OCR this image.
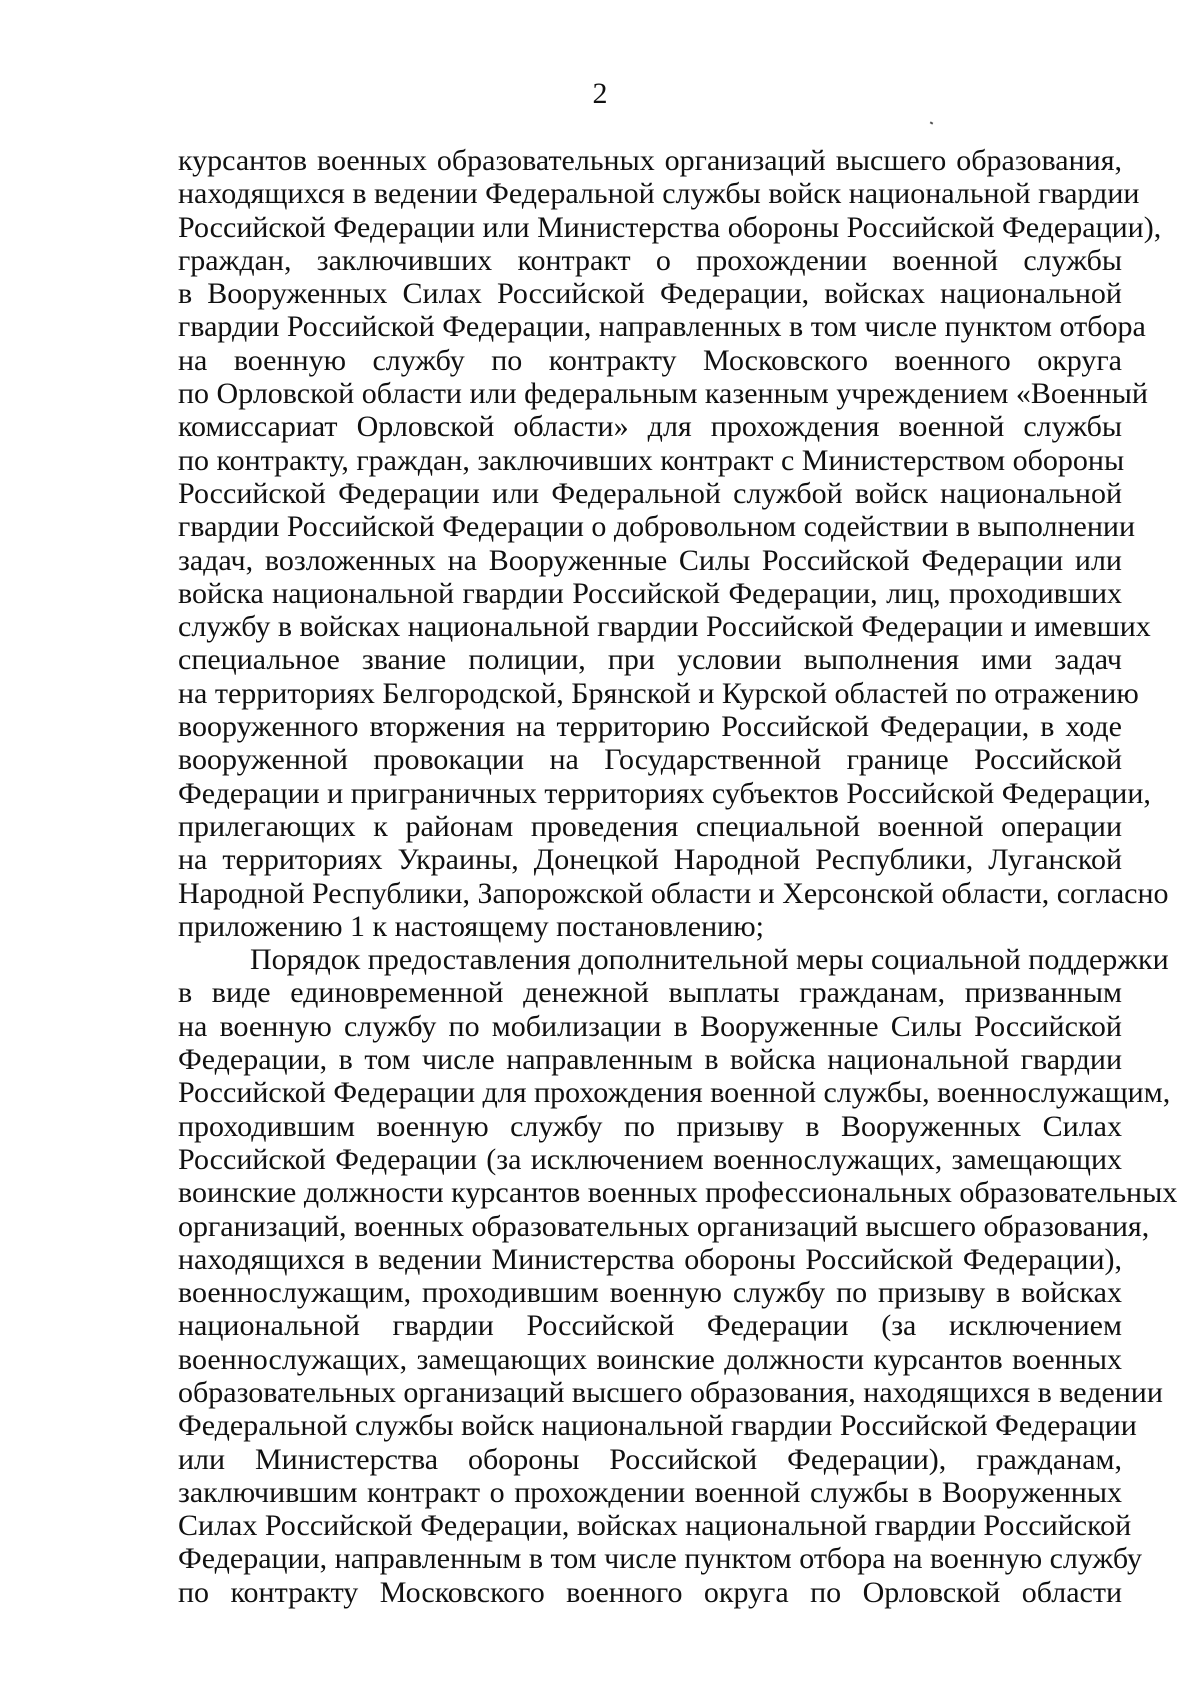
2
курсантов военных образовательных организаций высшего образования,
находящихся в ведении Федеральной службы войск национальной гвардии
Российской Федерации или Министерства обороны Российской Федерации),
граждан, заключивших контракт о прохождении военной службы
в Вооруженных Силах Российской Федерации, войсках национальной
гвардии Российской Федерации, направленных в том числе пунктом отбора
на военную службу по контракту Московского военного округа
по Орловской области или федеральным казенным учреждением «Военный
комиссариат Орловской области» для прохождения военной службы
по контракту, граждан, заключивших контракт с Министерством обороны
Российской Федерации или Федеральной службой войск национальной
гвардии Российской Федерации о добровольном содействии в выполнении
задач, возложенных на Вооруженные Силы Российской Федерации или
войска национальной гвардии Российской Федерации, лиц, проходивших
службу в войсках национальной гвардии Российской Федерации и имевших
специальное звание полиции, при условии выполнения ими задач
на территориях Белгородской, Брянской и Курской областей по отражению
вооруженного вторжения на территорию Российской Федерации, в ходе
вооруженной провокации на Государственной границе Российской
Федерации и приграничных территориях субъектов Российской Федерации,
прилегающих к районам проведения специальной военной операции
на территориях Украины, Донецкой Народной Республики, Луганской
Народной Республики, Запорожской области и Херсонской области, согласно
приложению 1 к настоящему постановлению;
Порядок предоставления дополнительной меры социальной поддержки
в виде единовременной денежной выплаты гражданам, призванным
на военную службу по мобилизации в Вооруженные Силы Российской
Федерации, в том числе направленным в войска национальной гвардии
Российской Федерации для прохождения военной службы, военнослужащим,
проходившим военную службу по призыву в Вооруженных Силах
Российской Федерации (за исключением военнослужащих, замещающих
воинские должности курсантов военных профессиональных образовательных
организаций, военных образовательных организаций высшего образования,
находящихся в ведении Министерства обороны Российской Федерации),
военнослужащим, проходившим военную службу по призыву в войсках
национальной гвардии Российской Федерации (за исключением
военнослужащих, замещающих воинские должности курсантов военных
образовательных организаций высшего образования, находящихся в ведении
Федеральной службы войск национальной гвардии Российской Федерации
или Министерства обороны Российской Федерации), гражданам,
заключившим контракт о прохождении военной службы в Вооруженных
Силах Российской Федерации, войсках национальной гвардии Российской
Федерации, направленным в том числе пунктом отбора на военную службу
по контракту Московского военного округа по Орловской области
